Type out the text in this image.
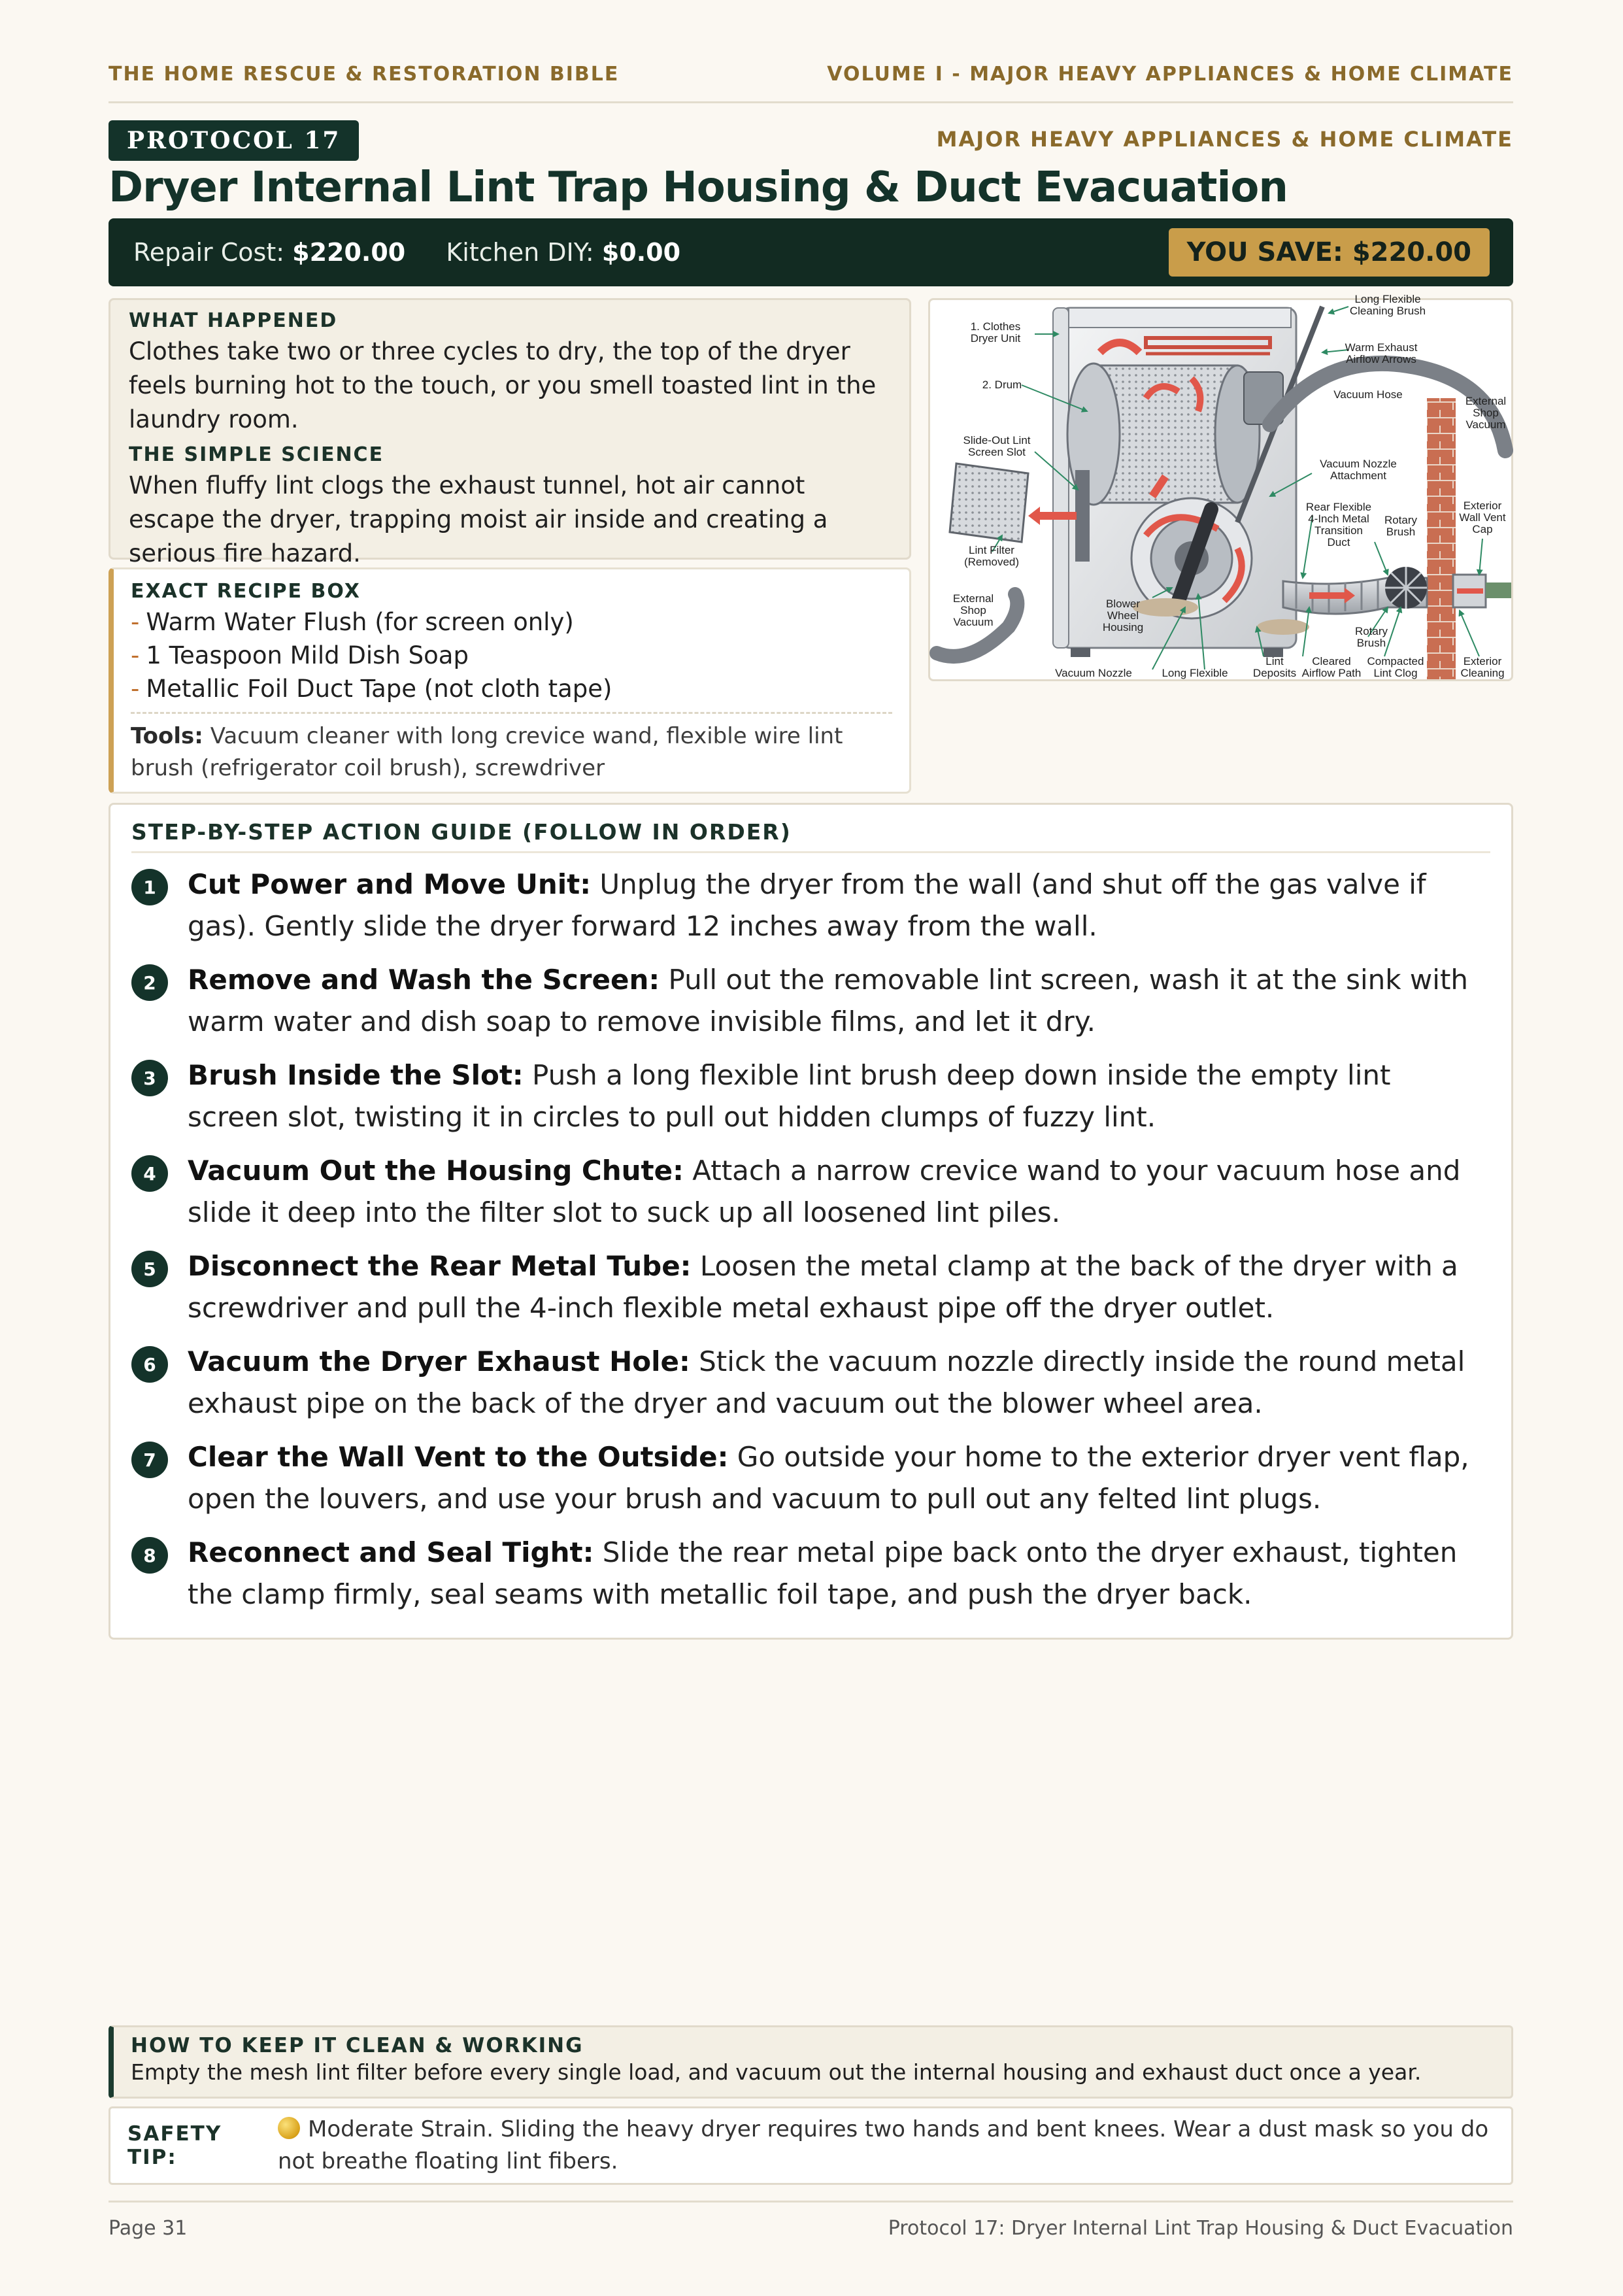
THE HOME RESCUE & RESTORATION BIBLE	VOLUME I - MAJOR HEAVY APPLIANCES & HOME CLIMATE
PROTOCOL 17	MAJOR HEAVY APPLIANCES & HOME CLIMATE
Dryer Internal Lint Trap Housing & Duct Evacuation
Repair Cost: $220.00 Kitchen DIY: $0.00	YOU SAVE: $220.00
WHAT HAPPENED

Clothes take two or three cycles to dry, the top of the dryer feels burning hot to the touch, or you smell toasted lint in the laundry room.

THE SIMPLE SCIENCE

When fluffy lint clogs the exhaust tunnel, hot air cannot escape the dryer, trapping moist air inside and creating a serious fire hazard.

EXACT RECIPE BOX
- Warm Water Flush (for screen only)
- 1 Teaspoon Mild Dish Soap
- Metallic Foil Duct Tape (not cloth tape)
Tools: Vacuum cleaner with long crevice wand, flexible wire lint brush (refrigerator coil brush), screwdriver
1. Clothes Dryer Unit
2. Drum
Slide-Out Lint Screen Slot
Lint Filter (Removed)
External Shop Vacuum
Blower Wheel Housing
Vacuum Nozzle	Long Flexible
Lint Deposits
Cleared Airflow Path
Compacted Lint Clog
Exterior Cleaning
Long Flexible Cleaning Brush
Warm Exhaust Airflow Arrows
Vacuum Hose
External Shop Vacuum
Vacuum Nozzle Attachment
Rear Flexible 4-Inch Metal Transition Duct
Rotary Brush
Rotary Brush
Exterior Wall Vent Cap
STEP-BY-STEP ACTION GUIDE (FOLLOW IN ORDER)
1	Cut Power and Move Unit: Unplug the dryer from the wall (and shut off the gas valve if gas). Gently slide the dryer forward 12 inches away from the wall.

2	Remove and Wash the Screen: Pull out the removable lint screen, wash it at the sink with warm water and dish soap to remove invisible films, and let it dry.

3	Brush Inside the Slot: Push a long flexible lint brush deep down inside the empty lint screen slot, twisting it in circles to pull out hidden clumps of fuzzy lint.

4	Vacuum Out the Housing Chute: Attach a narrow crevice wand to your vacuum hose and slide it deep into the filter slot to suck up all loosened lint piles.

5	Disconnect the Rear Metal Tube: Loosen the metal clamp at the back of the dryer with a screwdriver and pull the 4-inch flexible metal exhaust pipe off the dryer outlet.

6	Vacuum the Dryer Exhaust Hole: Stick the vacuum nozzle directly inside the round metal exhaust pipe on the back of the dryer and vacuum out the blower wheel area.

7	Clear the Wall Vent to the Outside: Go outside your home to the exterior dryer vent flap, open the louvers, and use your brush and vacuum to pull out any felted lint plugs.

8	Reconnect and Seal Tight: Slide the rear metal pipe back onto the dryer exhaust, tighten the clamp firmly, seal seams with metallic foil tape, and push the dryer back.

HOW TO KEEP IT CLEAN & WORKING

Empty the mesh lint filter before every single load, and vacuum out the internal housing and exhaust duct once a year.

SAFETY TIP:

Moderate Strain. Sliding the heavy dryer requires two hands and bent knees. Wear a dust mask so you do not breathe floating lint fibers.

Page 31	Protocol 17: Dryer Internal Lint Trap Housing & Duct Evacuation
